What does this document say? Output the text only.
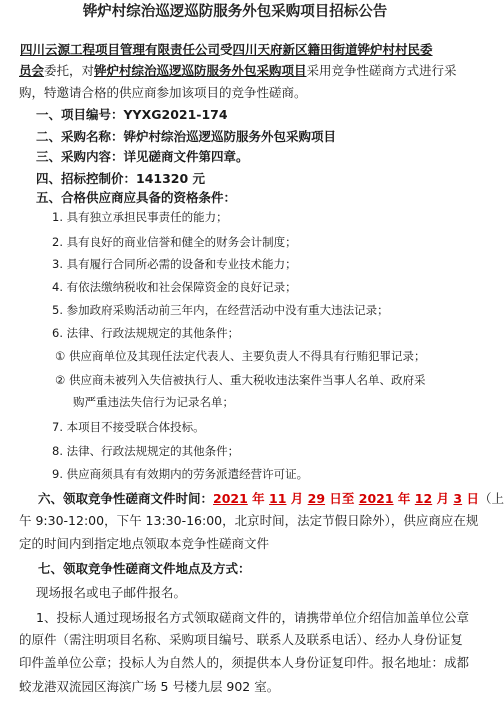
铧炉村综治巡逻巡防服务外包采购项目招标公告
四川云源工程项目管理有限责任公司受四川天府新区籍田街道铧炉村村民委
员会委托，对铧炉村综治巡逻巡防服务外包采购项目采用竞争性磋商方式进行采
购，特邀请合格的供应商参加该项目的竞争性磋商。
一、项目编号：YYXG2021-174
二、采购名称：铧炉村综治巡逻巡防服务外包采购项目
三、采购内容：详见磋商文件第四章。
四、招标控制价：141320 元
五、合格供应商应具备的资格条件：
1. 具有独立承担民事责任的能力；
2. 具有良好的商业信誉和健全的财务会计制度；
3. 具有履行合同所必需的设备和专业技术能力；
4. 有依法缴纳税收和社会保障资金的良好记录；
5. 参加政府采购活动前三年内，在经营活动中没有重大违法记录；
6. 法律、行政法规规定的其他条件；
① 供应商单位及其现任法定代表人、主要负责人不得具有行贿犯罪记录；
② 供应商未被列入失信被执行人、重大税收违法案件当事人名单、政府采
购严重违法失信行为记录名单；
7. 本项目不接受联合体投标。
8. 法律、行政法规规定的其他条件；
9. 供应商须具有有效期内的劳务派遣经营许可证。
六、领取竞争性磋商文件时间：2021 年 11 月 29 日至 2021 年 12 月 3 日（上
午 9:30-12:00，下午 13:30-16:00，北京时间，法定节假日除外），供应商应在规
定的时间内到指定地点领取本竞争性磋商文件
七、领取竞争性磋商文件地点及方式：
现场报名或电子邮件报名。
1、投标人通过现场报名方式领取磋商文件的，请携带单位介绍信加盖单位公章
的原件（需注明项目名称、采购项目编号、联系人及联系电话）、经办人身份证复
印件盖单位公章；投标人为自然人的，须提供本人身份证复印件。报名地址：成都
蛟龙港双流园区海滨广场 5 号楼九层 902 室。
